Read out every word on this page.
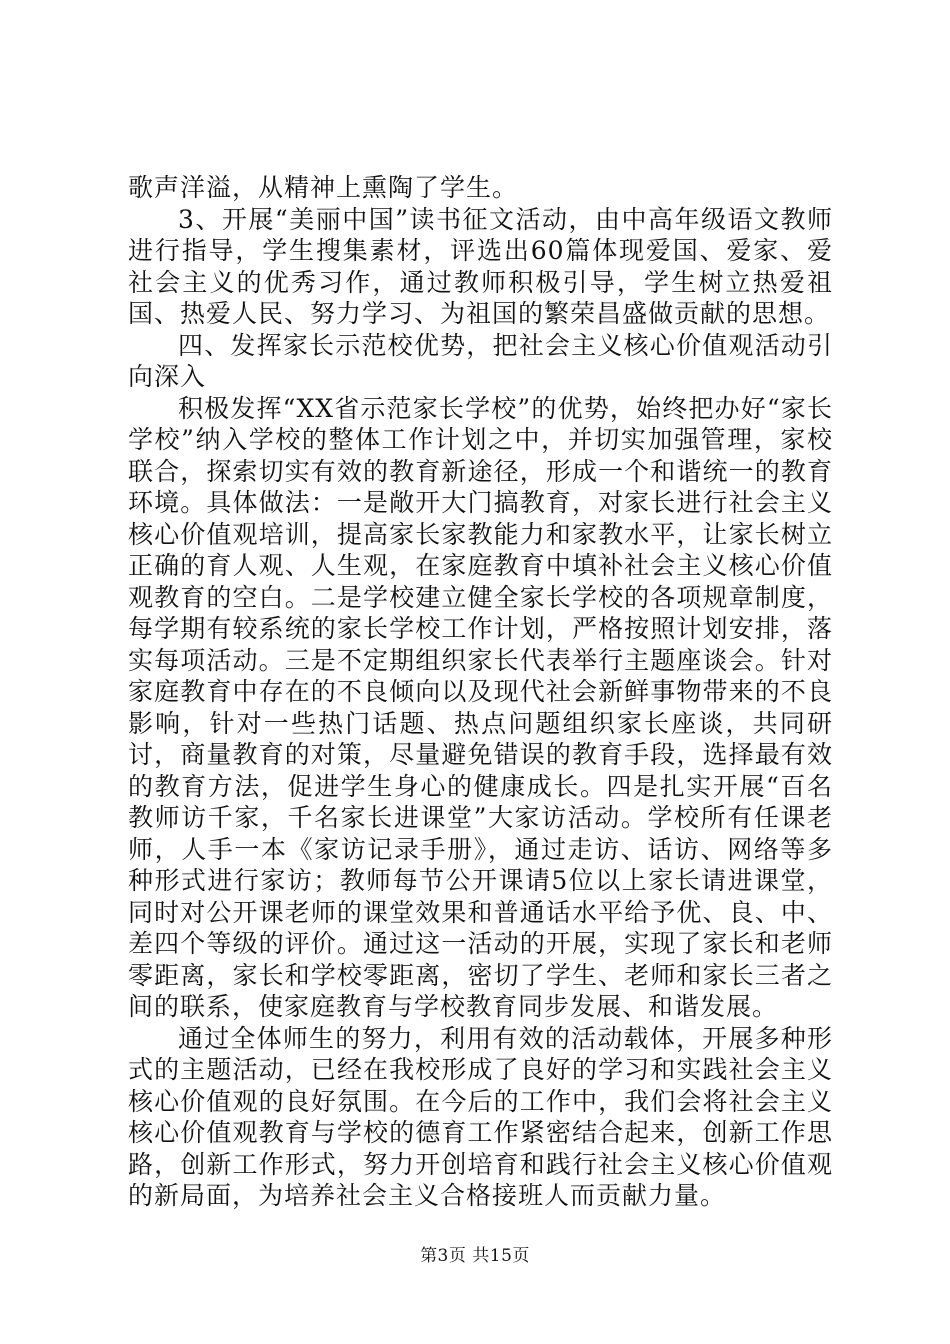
歌声洋溢，从精神上熏陶了学生。

3、开展“美丽中国”读书征文活动，由中高年级语文教师进行指导，学生搜集素材，评选出60篇体现爱国、爱家、爱社会主义的优秀习作，通过教师积极引导，学生树立热爱祖国、热爱人民、努力学习、为祖国的繁荣昌盛做贡献的思想。

四、发挥家长示范校优势，把社会主义核心价值观活动引向深入

积极发挥“XX省示范家长学校”的优势，始终把办好“家长学校”纳入学校的整体工作计划之中，并切实加强管理，家校联合，探索切实有效的教育新途径，形成一个和谐统一的教育环境。具体做法：一是敞开大门搞教育，对家长进行社会主义核心价值观培训，提高家长家教能力和家教水平，让家长树立正确的育人观、人生观，在家庭教育中填补社会主义核心价值观教育的空白。二是学校建立健全家长学校的各项规章制度，每学期有较系统的家长学校工作计划，严格按照计划安排，落实每项活动。三是不定期组织家长代表举行主题座谈会。针对家庭教育中存在的不良倾向以及现代社会新鲜事物带来的不良影响，针对一些热门话题、热点问题组织家长座谈，共同研讨，商量教育的对策，尽量避免错误的教育手段，选择最有效的教育方法，促进学生身心的健康成长。四是扎实开展“百名教师访千家，千名家长进课堂”大家访活动。学校所有任课老师，人手一本《家访记录手册》，通过走访、话访、网络等多种形式进行家访；教师每节公开课请5位以上家长请进课堂，同时对公开课老师的课堂效果和普通话水平给予优、良、中、差四个等级的评价。通过这一活动的开展，实现了家长和老师零距离，家长和学校零距离，密切了学生、老师和家长三者之间的联系，使家庭教育与学校教育同步发展、和谐发展。

通过全体师生的努力，利用有效的活动载体，开展多种形式的主题活动，已经在我校形成了良好的学习和实践社会主义核心价值观的良好氛围。在今后的工作中，我们会将社会主义核心价值观教育与学校的德育工作紧密结合起来，创新工作思路，创新工作形式，努力开创培育和践行社会主义核心价值观的新局面，为培养社会主义合格接班人而贡献力量。

第3页 共15页
